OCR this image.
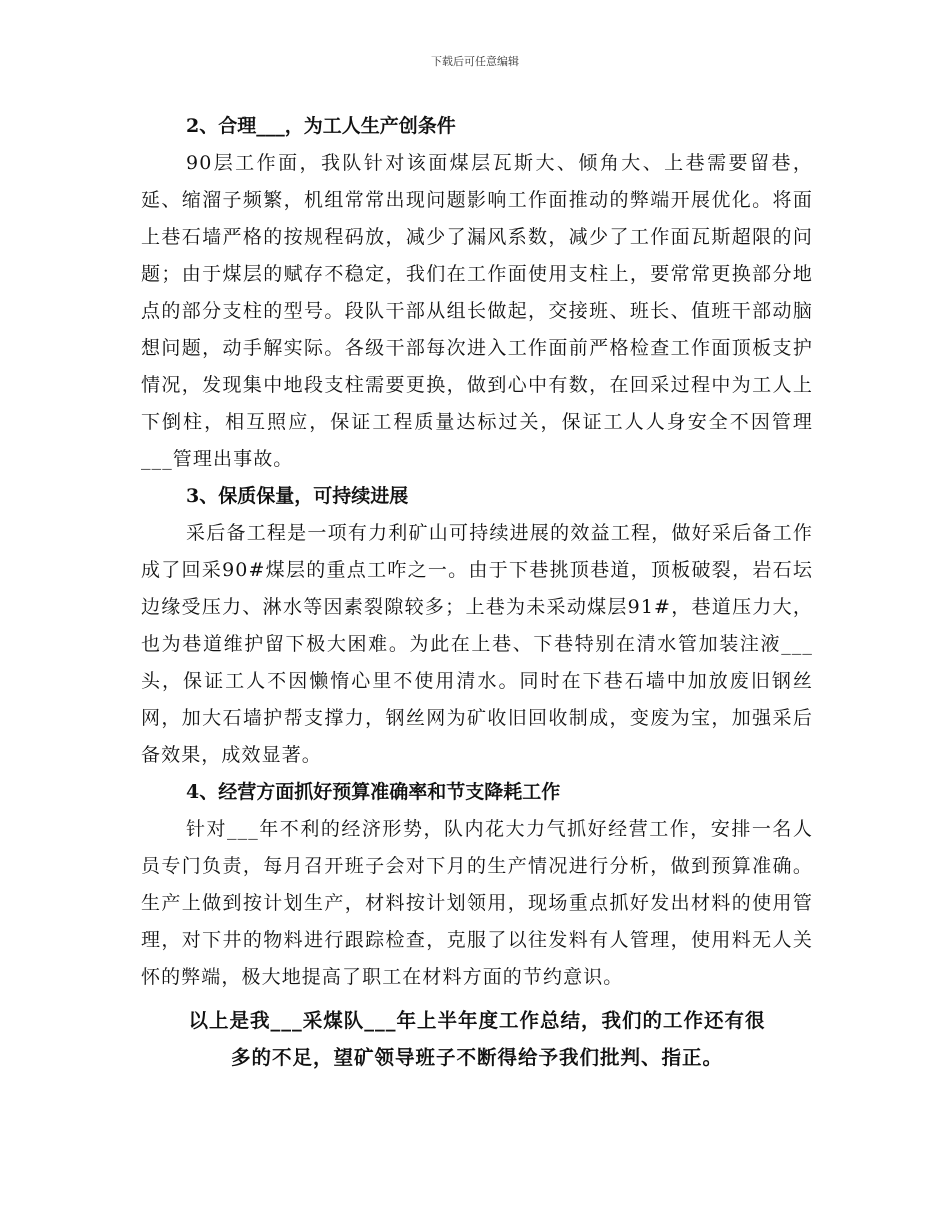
下载后可任意编辑
2、合理___，为工人生产创条件

90层工作面，我队针对该面煤层瓦斯大、倾角大、上巷需要留巷，延、缩溜子频繁，机组常常出现问题影响工作面推动的弊端开展优化。将面上巷石墙严格的按规程码放，减少了漏风系数，减少了工作面瓦斯超限的问题；由于煤层的赋存不稳定，我们在工作面使用支柱上，要常常更换部分地点的部分支柱的型号。段队干部从组长做起，交接班、班长、值班干部动脑想问题，动手解实际。各级干部每次进入工作面前严格检查工作面顶板支护情况，发现集中地段支柱需要更换，做到心中有数，在回采过程中为工人上下倒柱，相互照应，保证工程质量达标过关，保证工人人身安全不因管理___管理出事故。

3、保质保量，可持续进展

采后备工程是一项有力利矿山可持续进展的效益工程，做好采后备工作成了回采90#煤层的重点工咋之一。由于下巷挑顶巷道，顶板破裂，岩石坛边缘受压力、淋水等因素裂隙较多；上巷为未采动煤层91#，巷道压力大，也为巷道维护留下极大困难。为此在上巷、下巷特别在清水管加装注液___头，保证工人不因懒惰心里不使用清水。同时在下巷石墙中加放废旧钢丝网，加大石墙护帮支撑力，钢丝网为矿收旧回收制成，变废为宝，加强采后备效果，成效显著。

4、经营方面抓好预算准确率和节支降耗工作

针对___年不利的经济形势，队内花大力气抓好经营工作，安排一名人员专门负责，每月召开班子会对下月的生产情况进行分析，做到预算准确。生产上做到按计划生产，材料按计划领用，现场重点抓好发出材料的使用管理，对下井的物料进行跟踪检查，克服了以往发料有人管理，使用料无人关怀的弊端，极大地提高了职工在材料方面的节约意识。

以上是我___采煤队___年上半年度工作总结，我们的工作还有很
多的不足，望矿领导班子不断得给予我们批判、指正。
